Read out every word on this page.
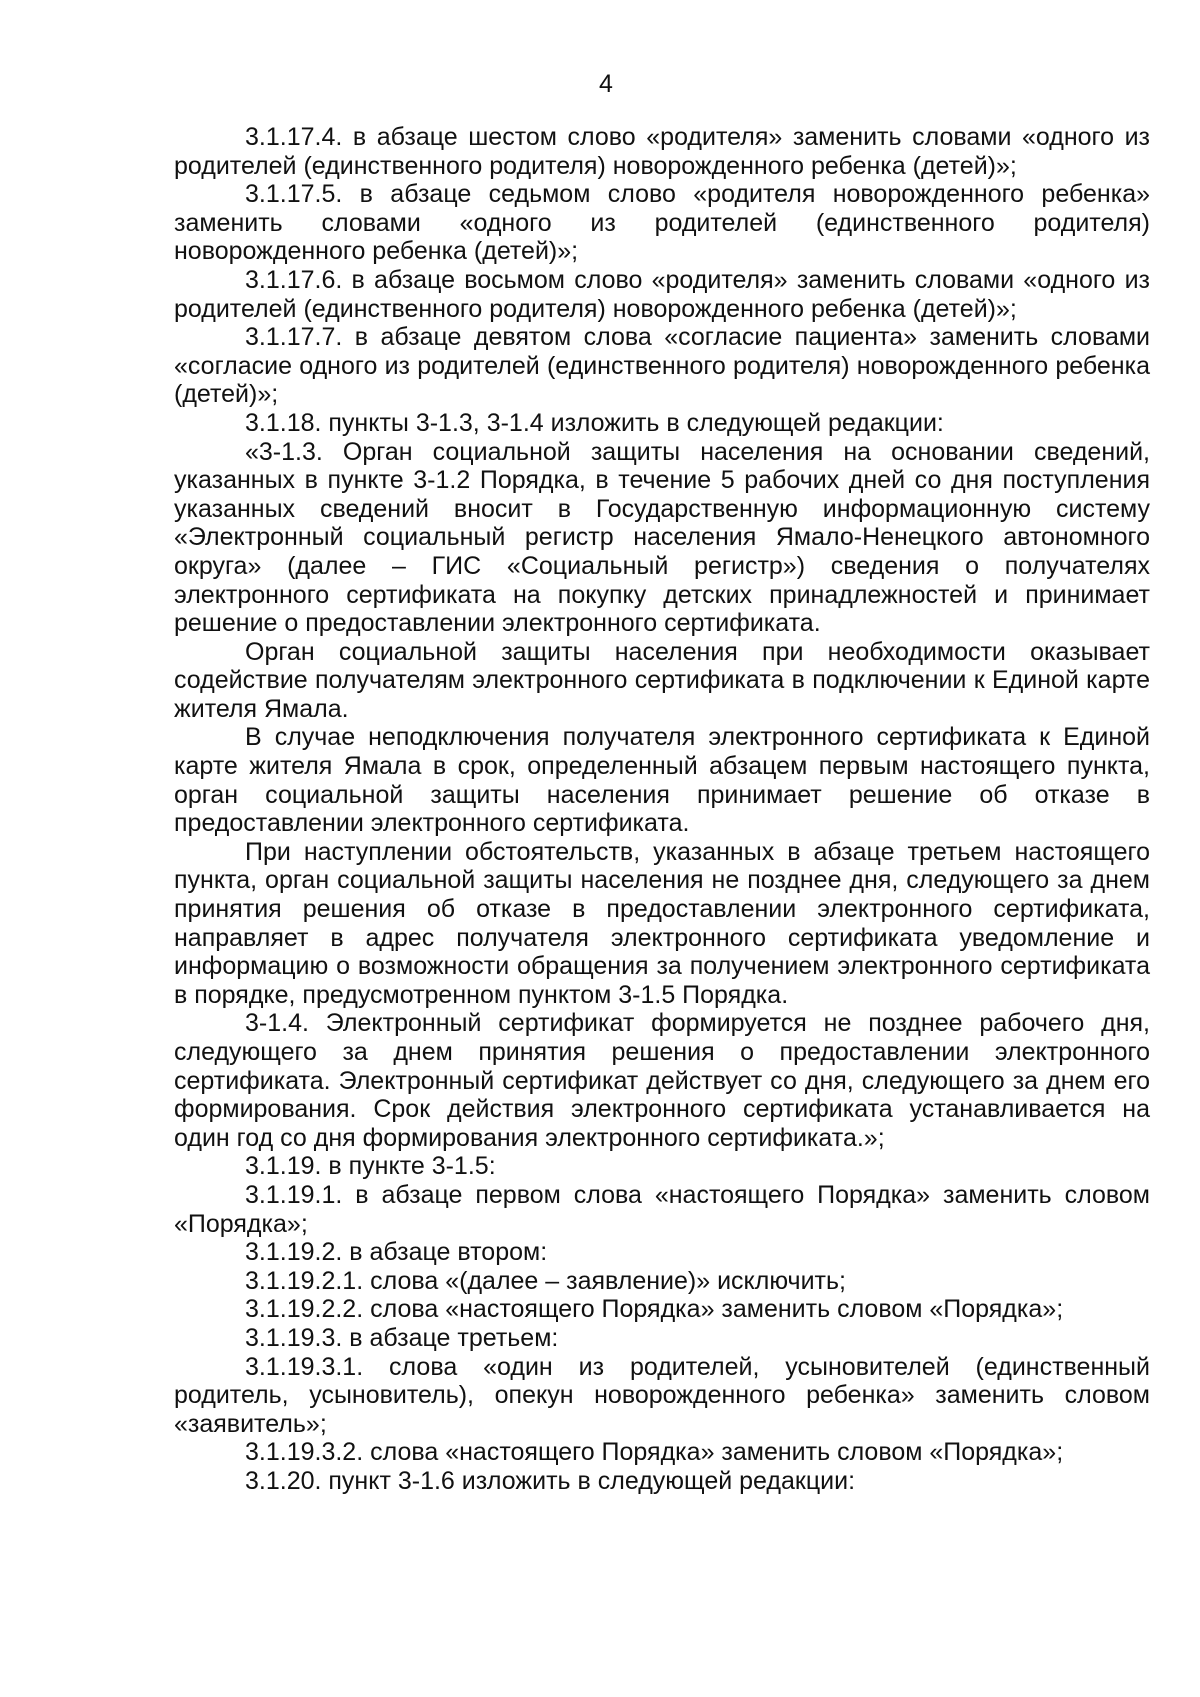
4

3.1.17.4. в абзаце шестом слово «родителя» заменить словами «одного из родителей (единственного родителя) новорожденного ребенка (детей)»;

3.1.17.5. в абзаце седьмом слово «родителя новорожденного ребенка» заменить словами «одного из родителей (единственного родителя) новорожденного ребенка (детей)»;

3.1.17.6. в абзаце восьмом слово «родителя» заменить словами «одного из родителей (единственного родителя) новорожденного ребенка (детей)»;

3.1.17.7. в абзаце девятом слова «согласие пациента» заменить словами «согласие одного из родителей (единственного родителя) новорожденного ребенка (детей)»;

3.1.18. пункты 3-1.3, 3-1.4 изложить в следующей редакции:

«3-1.3. Орган социальной защиты населения на основании сведений, указанных в пункте 3-1.2 Порядка, в течение 5 рабочих дней со дня поступления указанных сведений вносит в Государственную информационную систему «Электронный социальный регистр населения Ямало-Ненецкого автономного округа» (далее – ГИС «Социальный регистр») сведения о получателях электронного сертификата на покупку детских принадлежностей и принимает решение о предоставлении электронного сертификата.

Орган социальной защиты населения при необходимости оказывает содействие получателям электронного сертификата в подключении к Единой карте жителя Ямала.

В случае неподключения получателя электронного сертификата к Единой карте жителя Ямала в срок, определенный абзацем первым настоящего пункта, орган социальной защиты населения принимает решение об отказе в предоставлении электронного сертификата.

При наступлении обстоятельств, указанных в абзаце третьем настоящего пункта, орган социальной защиты населения не позднее дня, следующего за днем принятия решения об отказе в предоставлении электронного сертификата, направляет в адрес получателя электронного сертификата уведомление и информацию о возможности обращения за получением электронного сертификата в порядке, предусмотренном пунктом 3-1.5 Порядка.

3-1.4. Электронный сертификат формируется не позднее рабочего дня, следующего за днем принятия решения о предоставлении электронного сертификата. Электронный сертификат действует со дня, следующего за днем его формирования. Срок действия электронного сертификата устанавливается на один год со дня формирования электронного сертификата.»;

3.1.19. в пункте 3-1.5:

3.1.19.1. в абзаце первом слова «настоящего Порядка» заменить словом «Порядка»;

3.1.19.2. в абзаце втором:

3.1.19.2.1. слова «(далее – заявление)» исключить;

3.1.19.2.2. слова «настоящего Порядка» заменить словом «Порядка»;

3.1.19.3. в абзаце третьем:

3.1.19.3.1. слова «один из родителей, усыновителей (единственный родитель, усыновитель), опекун новорожденного ребенка» заменить словом «заявитель»;

3.1.19.3.2. слова «настоящего Порядка» заменить словом «Порядка»;

3.1.20. пункт 3-1.6 изложить в следующей редакции:
